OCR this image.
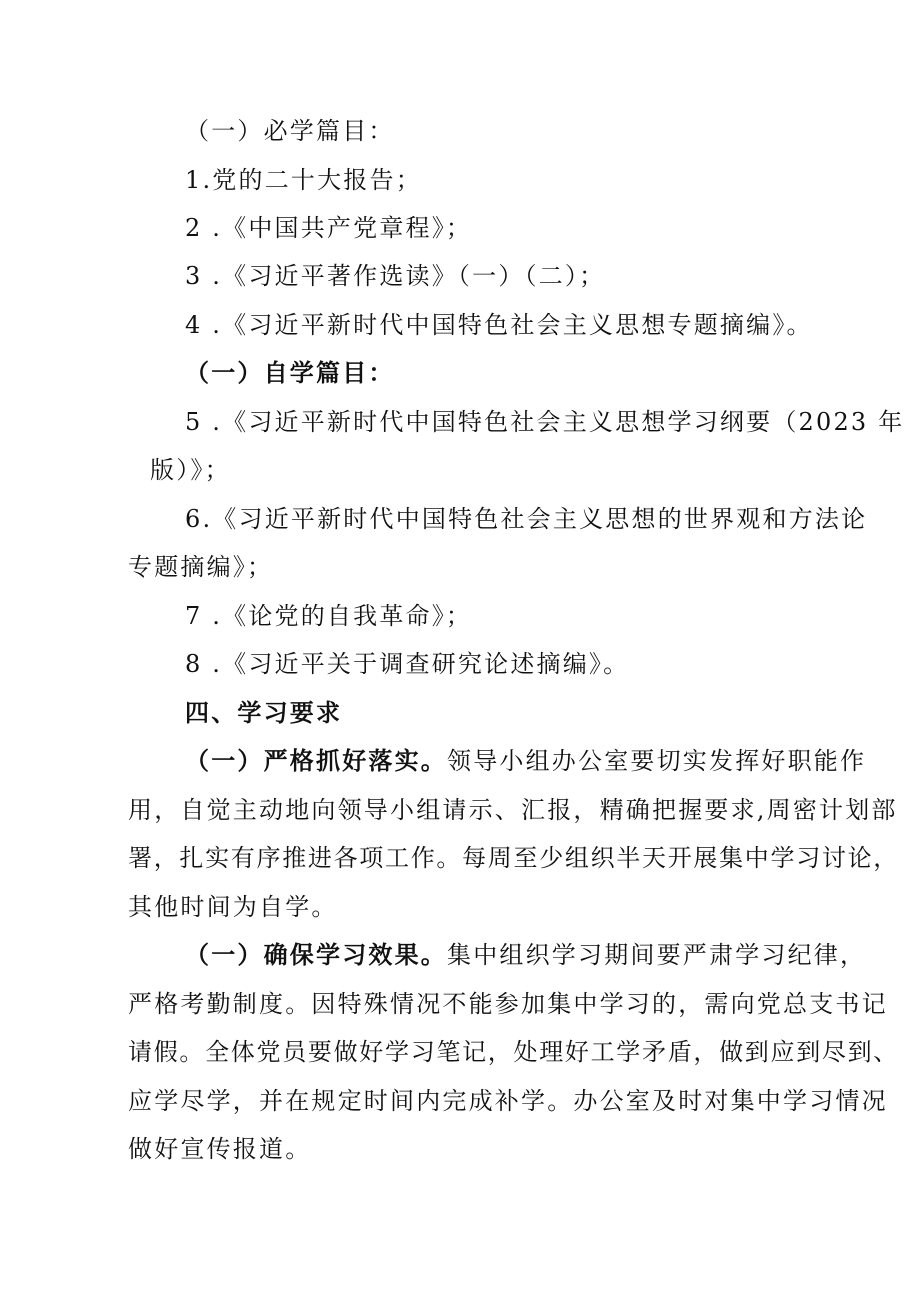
（一）必学篇目：
1.党的二十大报告；
2 .《中国共产党章程》；
3 .《习近平著作选读》（一）（二）；
4 .《习近平新时代中国特色社会主义思想专题摘编》。
（一）自学篇目：
5 .《习近平新时代中国特色社会主义思想学习纲要（2023 年
版）》；
6.《习近平新时代中国特色社会主义思想的世界观和方法论
专题摘编》；
7 .《论党的自我革命》；
8 .《习近平关于调查研究论述摘编》。
四、学习要求
（一）严格抓好落实。领导小组办公室要切实发挥好职能作
用，自觉主动地向领导小组请示、汇报，精确把握要求,周密计划部
署，扎实有序推进各项工作。每周至少组织半天开展集中学习讨论，
其他时间为自学。
（一）确保学习效果。集中组织学习期间要严肃学习纪律，
严格考勤制度。因特殊情况不能参加集中学习的，需向党总支书记
请假。全体党员要做好学习笔记，处理好工学矛盾，做到应到尽到、
应学尽学，并在规定时间内完成补学。办公室及时对集中学习情况
做好宣传报道。
